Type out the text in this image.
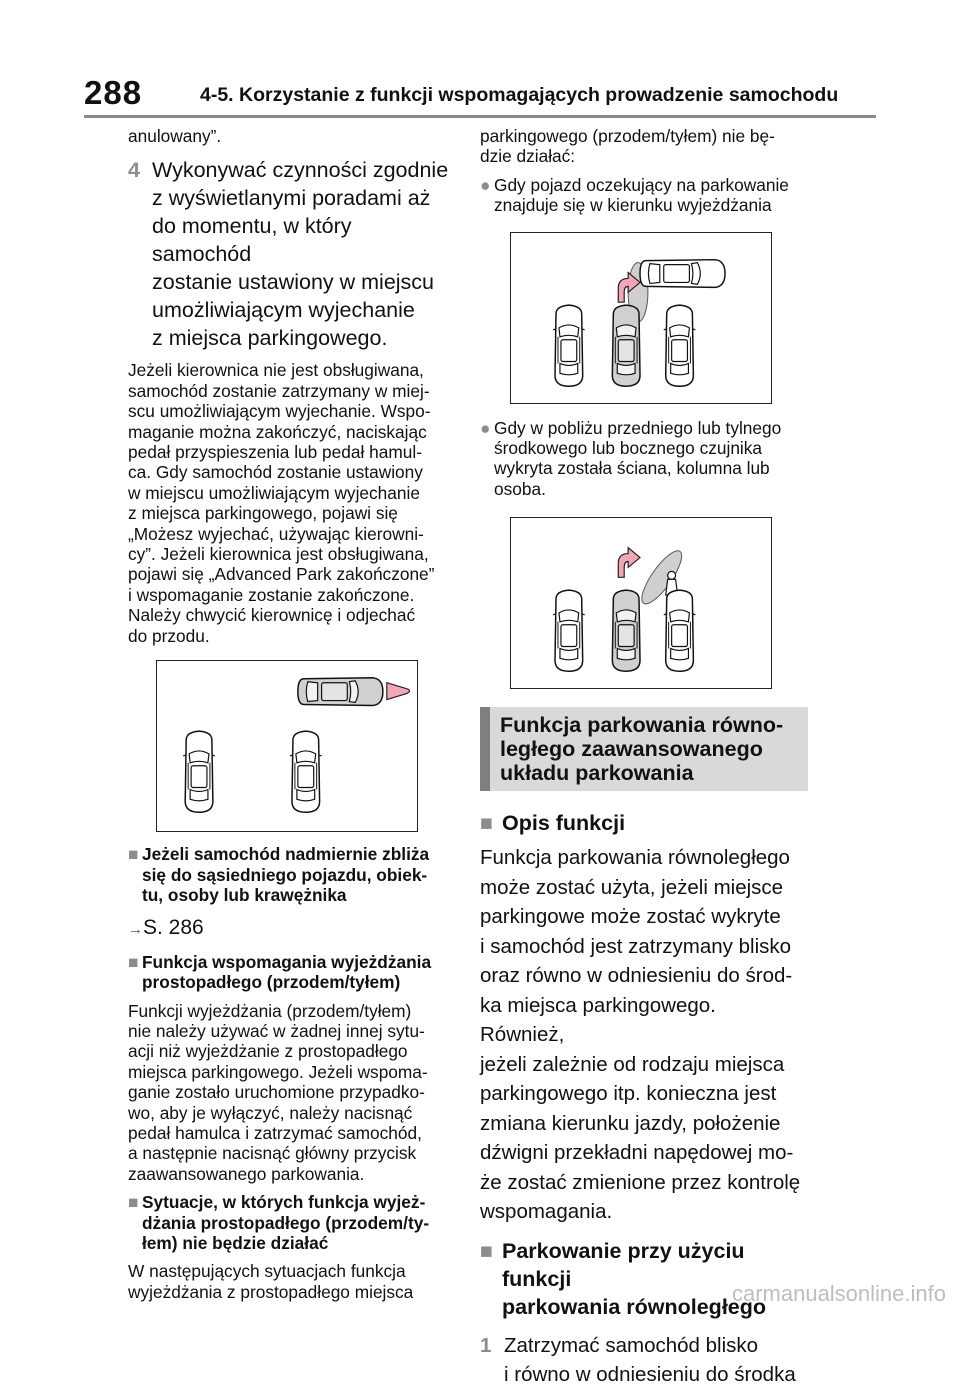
288	4-5. Korzystanie z funkcji wspomagających prowadzenie samochodu

anulowany”.

4 Wykonywać czynności zgodnie
z wyświetlanymi poradami aż
do momentu, w który samochód
zostanie ustawiony w miejscu
umożliwiającym wyjechanie
z miejsca parkingowego.
Jeżeli kierownica nie jest obsługiwana,
samochód zostanie zatrzymany w miej-
scu umożliwiającym wyjechanie. Wspo-
maganie można zakończyć, naciskając
pedał przyspieszenia lub pedał hamul-
ca. Gdy samochód zostanie ustawiony
w miejscu umożliwiającym wyjechanie
z miejsca parkingowego, pojawi się
„Możesz wyjechać, używając kierowni-
cy”. Jeżeli kierownica jest obsługiwana,
pojawi się „Advanced Park zakończone”
i wspomaganie zostanie zakończone.
Należy chwycić kierownicę i odjechać
do przodu.
■ Jeżeli samochód nadmiernie zbliża
się do sąsiedniego pojazdu, obiek-
tu, osoby lub krawężnika
→S. 286
■ Funkcja wspomagania wyjeżdżania
prostopadłego (przodem/tyłem)
Funkcji wyjeżdżania (przodem/tyłem)
nie należy używać w żadnej innej sytu-
acji niż wyjeżdżanie z prostopadłego
miejsca parkingowego. Jeżeli wspoma-
ganie zostało uruchomione przypadko-
wo, aby je wyłączyć, należy nacisnąć
pedał hamulca i zatrzymać samochód,
a następnie nacisnąć główny przycisk
zaawansowanego parkowania.
■ Sytuacje, w których funkcja wyjeż-
dżania prostopadłego (przodem/ty-
łem) nie będzie działać
W następujących sytuacjach funkcja
wyjeżdżania z prostopadłego miejsca
parkingowego (przodem/tyłem) nie bę-
dzie działać:
● Gdy pojazd oczekujący na parkowanie
znajduje się w kierunku wyjeżdżania
● Gdy w pobliżu przedniego lub tylnego
środkowego lub bocznego czujnika
wykryta została ściana, kolumna lub
osoba.
Funkcja parkowania równo-
ległego zaawansowanego
układu parkowania
■ Opis funkcji
Funkcja parkowania równoległego
może zostać użyta, jeżeli miejsce
parkingowe może zostać wykryte
i samochód jest zatrzymany blisko
oraz równo w odniesieniu do środ-
ka miejsca parkingowego. Również,
jeżeli zależnie od rodzaju miejsca
parkingowego itp. konieczna jest
zmiana kierunku jazdy, położenie
dźwigni przekładni napędowej mo-
że zostać zmienione przez kontrolę
wspomagania.
■ Parkowanie przy użyciu funkcji
parkowania równoległego
1 Zatrzymać samochód blisko
i równo w odniesieniu do środka
carmanualsonline.info
